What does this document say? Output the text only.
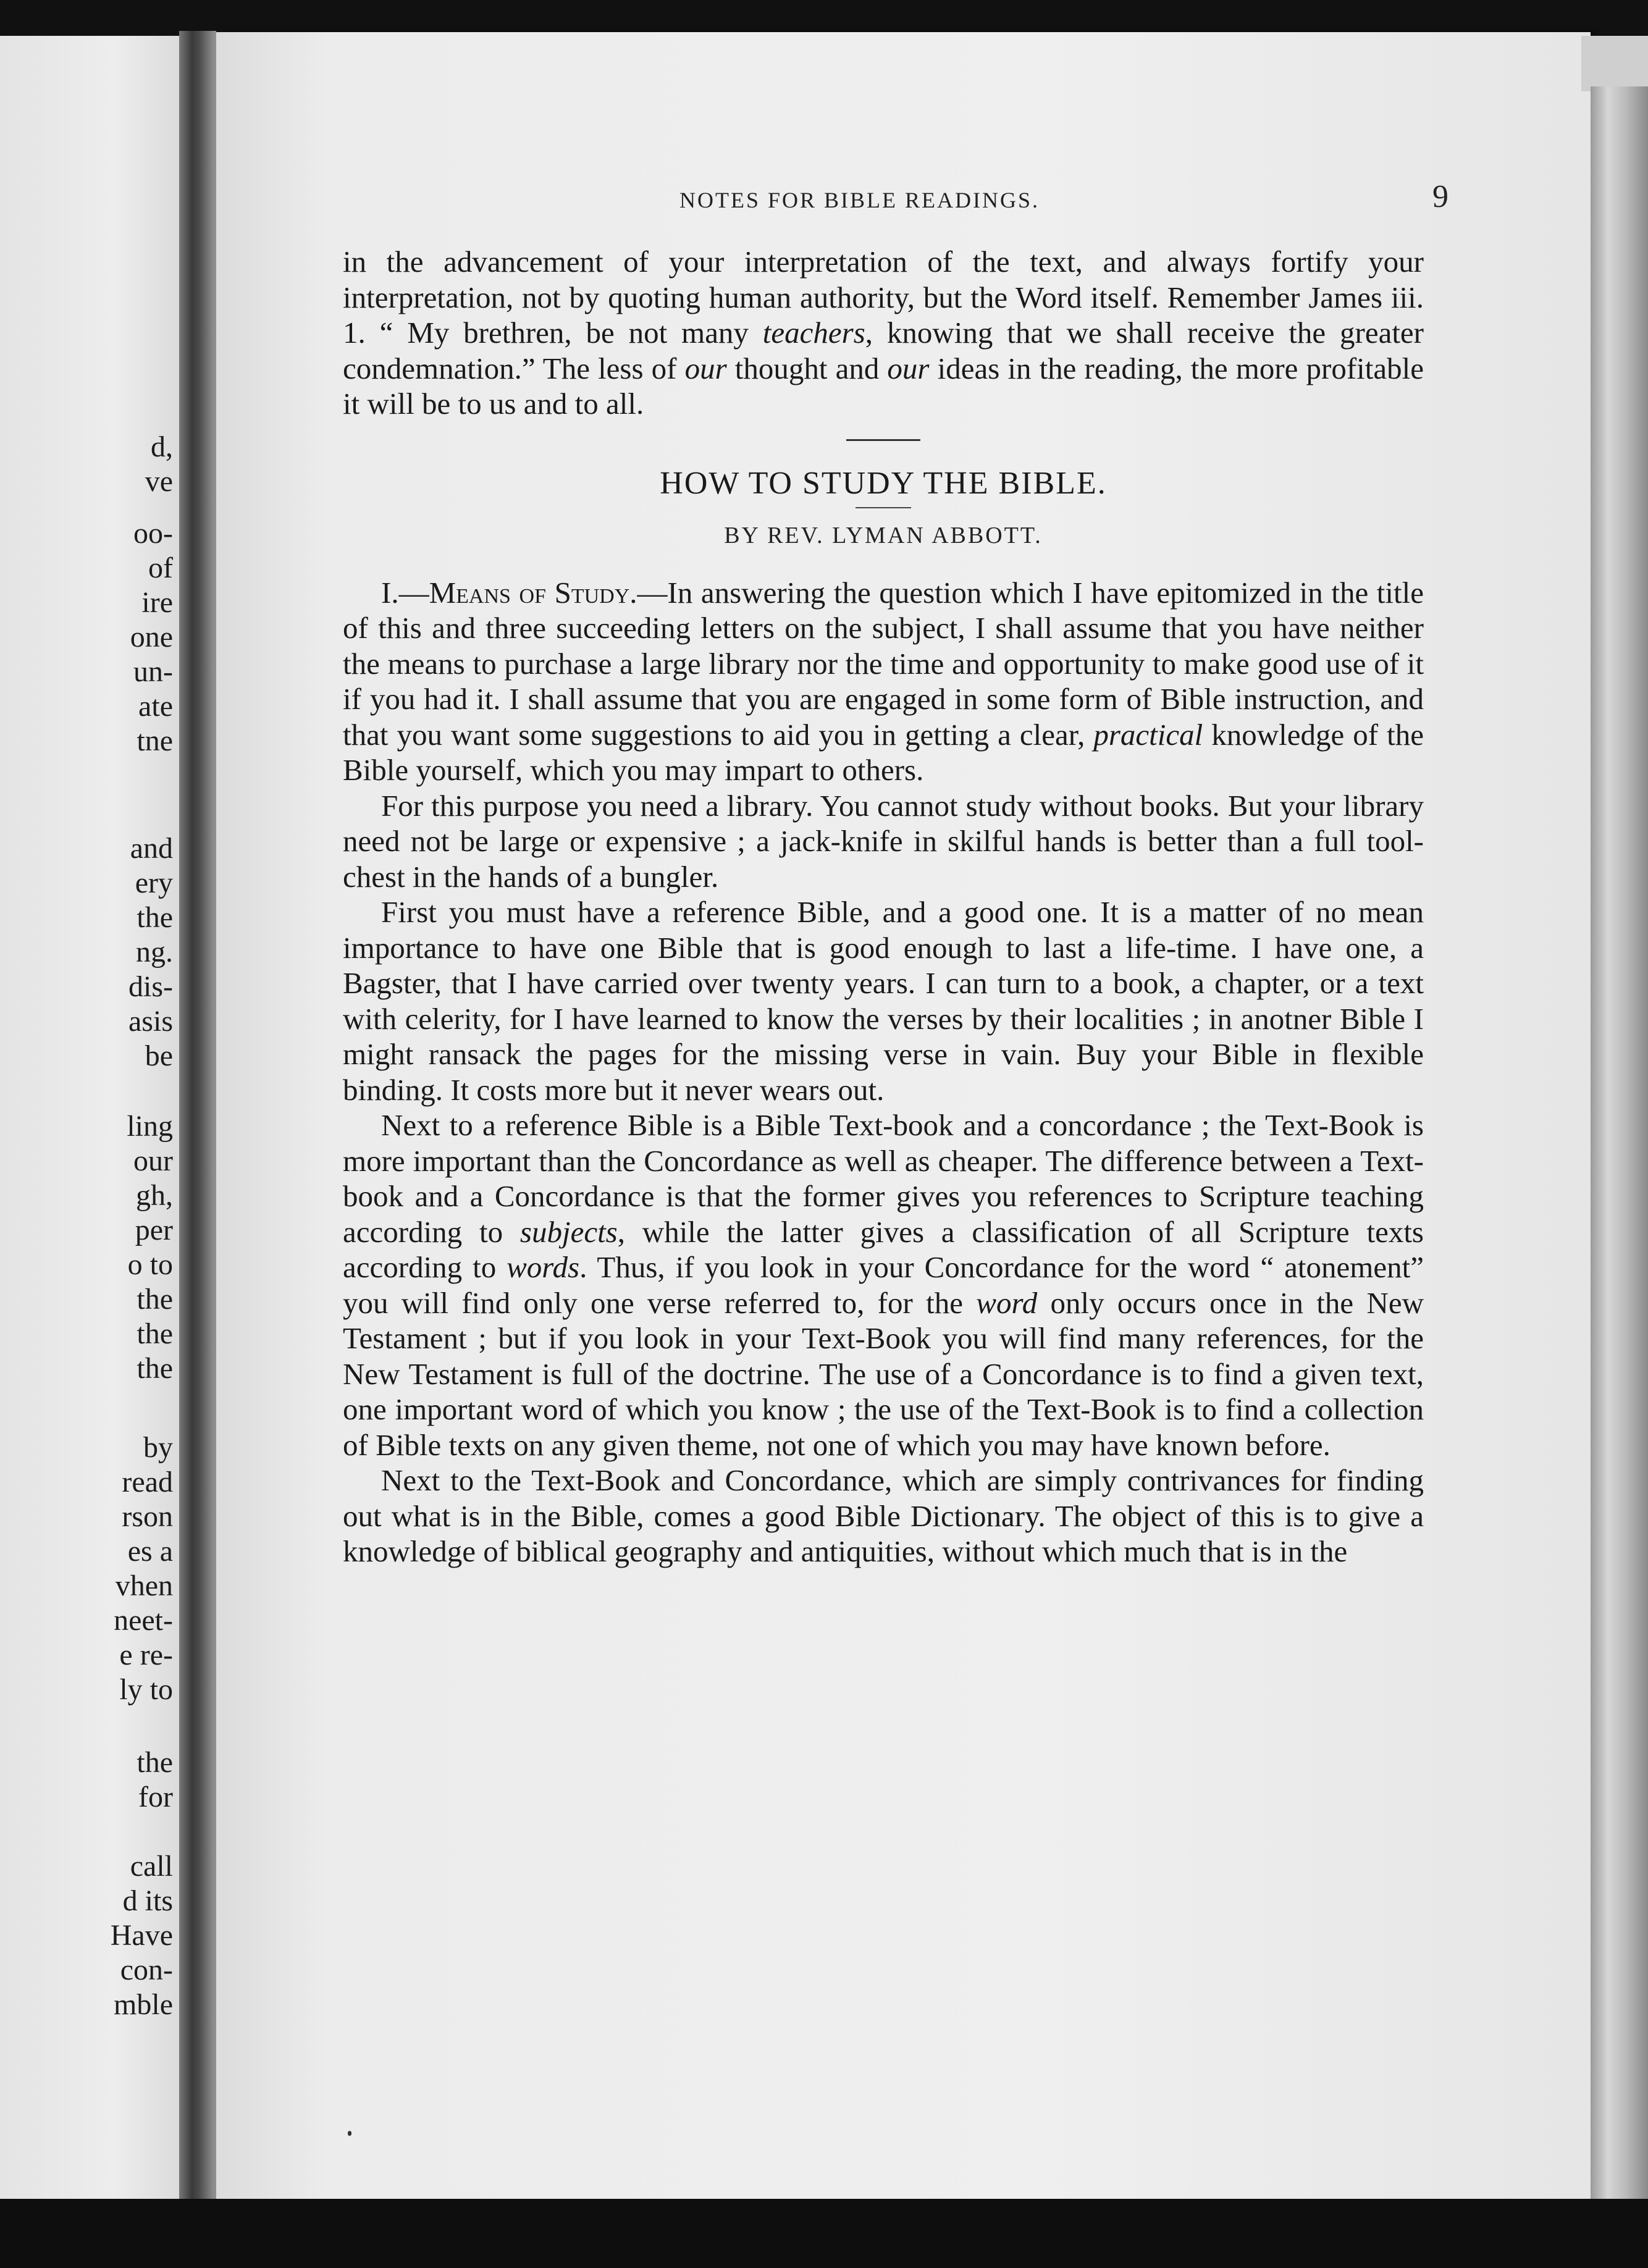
d,
ve
oo-
of
ire
one
un-
ate
tne
and
ery
the
ng.
dis-
asis
be
ling
our
gh,
per
o to
the
the
the
by
read
rson
es a
vhen
neet-
e re-
ly to
the
for
call
d its
Have
con-
mble
NOTES FOR BIBLE READINGS.	9

in the advancement of your interpretation of the text, and always fortify your interpretation, not by quoting human authority, but the Word itself. Remember James iii. 1. “ My brethren, be not many teachers, knowing that we shall receive the greater condemnation.” The less of our thought and our ideas in the reading, the more profitable it will be to us and to all.

HOW TO STUDY THE BIBLE.
BY REV. LYMAN ABBOTT.

I.—Means of Study.—In answering the question which I have epitomized in the title of this and three succeeding letters on the subject, I shall assume that you have neither the means to purchase a large library nor the time and opportunity to make good use of it if you had it. I shall assume that you are engaged in some form of Bible instruction, and that you want some suggestions to aid you in getting a clear, practical knowledge of the Bible yourself, which you may impart to others.

For this purpose you need a library. You cannot study without books. But your library need not be large or expensive ; a jack-knife in skilful hands is better than a full tool-chest in the hands of a bungler.

First you must have a reference Bible, and a good one. It is a matter of no mean importance to have one Bible that is good enough to last a life-time. I have one, a Bagster, that I have carried over twenty years. I can turn to a book, a chapter, or a text with celerity, for I have learned to know the verses by their localities ; in anotner Bible I might ransack the pages for the missing verse in vain. Buy your Bible in flexible binding. It costs more but it never wears out.

Next to a reference Bible is a Bible Text-book and a concordance ; the Text-Book is more important than the Concordance as well as cheaper. The difference between a Text-book and a Concordance is that the former gives you references to Scripture teaching according to subjects, while the latter gives a classification of all Scripture texts according to words. Thus, if you look in your Concordance for the word “ atonement” you will find only one verse referred to, for the word only occurs once in the New Testament ; but if you look in your Text-Book you will find many references, for the New Testament is full of the doctrine. The use of a Concordance is to find a given text, one important word of which you know ; the use of the Text-Book is to find a collection of Bible texts on any given theme, not one of which you may have known before.

Next to the Text-Book and Concordance, which are simply contrivances for finding out what is in the Bible, comes a good Bible Dictionary. The object of this is to give a knowledge of biblical geography and antiquities, without which much that is in the
